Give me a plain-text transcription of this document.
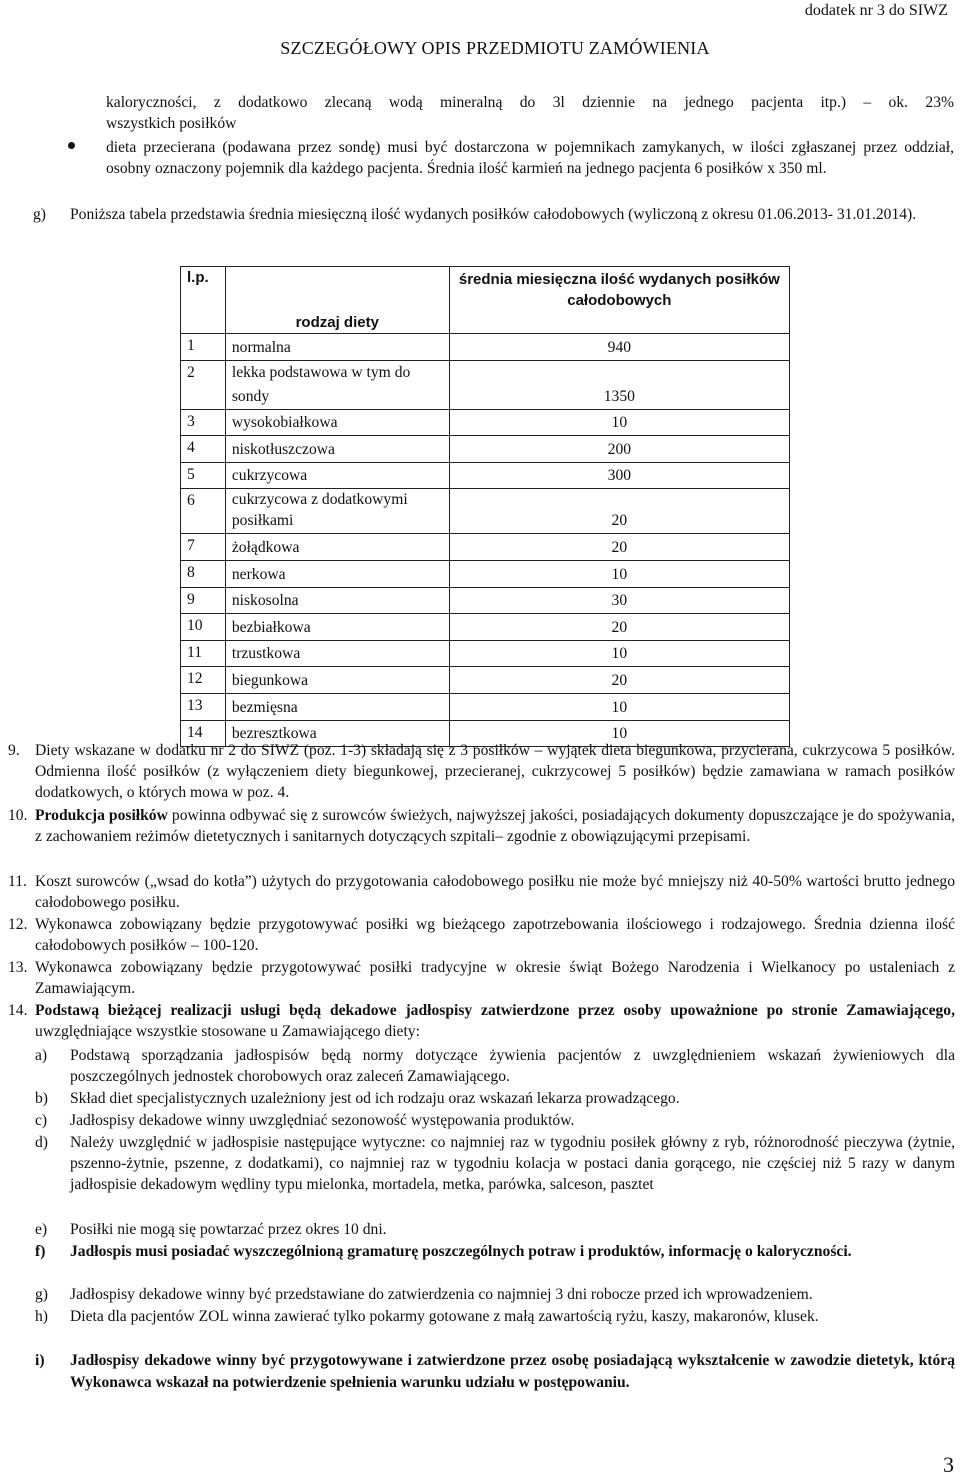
dodatek nr 3 do SIWZ
SZCZEGÓŁOWY OPIS PRZEDMIOTU ZAMÓWIENIA
kaloryczności, z dodatkowo zlecaną wodą mineralną do 3l dziennie na jednego pacjenta itp.) – ok. 23%
wszystkich posiłków
dieta przecierana (podawana przez sondę) musi być dostarczona w pojemnikach zamykanych, w ilości zgłaszanej przez oddział, osobny oznaczony pojemnik dla każdego pacjenta. Średnia ilość karmień na jednego pacjenta 6 posiłków x 350 ml.
g) Poniższa tabela przedstawia średnia miesięczną ilość wydanych posiłków całodobowych (wyliczoną z okresu 01.06.2013- 31.01.2014).
l.p.	rodzaj diety	średnia miesięczna ilość wydanych posiłków całodobowych
1	normalna	940
2	lekka podstawowa w tym do sondy	1350
3	wysokobiałkowa	10
4	niskotłuszczowa	200
5	cukrzycowa	300
6	cukrzycowa z dodatkowymi posiłkami	20
7	żołądkowa	20
8	nerkowa	10
9	niskosolna	30
10	bezbiałkowa	20
11	trzustkowa	10
12	biegunkowa	20
13	bezmięsna	10
14	bezresztkowa	10
9. Diety wskazane w dodatku nr 2 do SIWZ (poz. 1-3) składają się z 3 posiłków – wyjątek dieta biegunkowa, przycierana, cukrzycowa 5 posiłków. Odmienna ilość posiłków (z wyłączeniem diety biegunkowej, przecieranej, cukrzycowej 5 posiłków) będzie zamawiana w ramach posiłków dodatkowych, o których mowa w poz. 4.
10. Produkcja posiłków powinna odbywać się z surowców świeżych, najwyższej jakości, posiadających dokumenty dopuszczające je do spożywania, z zachowaniem reżimów dietetycznych i sanitarnych dotyczących szpitali– zgodnie z obowiązującymi przepisami.
11. Koszt surowców („wsad do kotła”) użytych do przygotowania całodobowego posiłku nie może być mniejszy niż 40-50% wartości brutto jednego całodobowego posiłku.
12. Wykonawca zobowiązany będzie przygotowywać posiłki wg bieżącego zapotrzebowania ilościowego i rodzajowego. Średnia dzienna ilość całodobowych posiłków – 100-120.
13. Wykonawca zobowiązany będzie przygotowywać posiłki tradycyjne w okresie świąt Bożego Narodzenia i Wielkanocy po ustaleniach z Zamawiającym.
14. Podstawą bieżącej realizacji usługi będą dekadowe jadłospisy zatwierdzone przez osoby upoważnione po stronie Zamawiającego, uwzględniające wszystkie stosowane u Zamawiającego diety:
a) Podstawą sporządzania jadłospisów będą normy dotyczące żywienia pacjentów z uwzględnieniem wskazań żywieniowych dla poszczególnych jednostek chorobowych oraz zaleceń Zamawiającego.
b) Skład diet specjalistycznych uzależniony jest od ich rodzaju oraz wskazań lekarza prowadzącego.
c) Jadłospisy dekadowe winny uwzględniać sezonowość występowania produktów.
d) Należy uwzględnić w jadłospisie następujące wytyczne: co najmniej raz w tygodniu posiłek główny z ryb, różnorodność pieczywa (żytnie, pszenno-żytnie, pszenne, z dodatkami), co najmniej raz w tygodniu kolacja w postaci dania gorącego, nie częściej niż 5 razy w danym jadłospisie dekadowym wędliny typu mielonka, mortadela, metka, parówka, salceson, pasztet
e) Posiłki nie mogą się powtarzać przez okres 10 dni.
f) Jadłospis musi posiadać wyszczególnioną gramaturę poszczególnych potraw i produktów, informację o kaloryczności.
g) Jadłospisy dekadowe winny być przedstawiane do zatwierdzenia co najmniej 3 dni robocze przed ich wprowadzeniem.
h) Dieta dla pacjentów ZOL winna zawierać tylko pokarmy gotowane z małą zawartością ryżu, kaszy, makaronów, klusek.
i) Jadłospisy dekadowe winny być przygotowywane i zatwierdzone przez osobę posiadającą wykształcenie w zawodzie dietetyk, którą Wykonawca wskazał na potwierdzenie spełnienia warunku udziału w postępowaniu.
3
